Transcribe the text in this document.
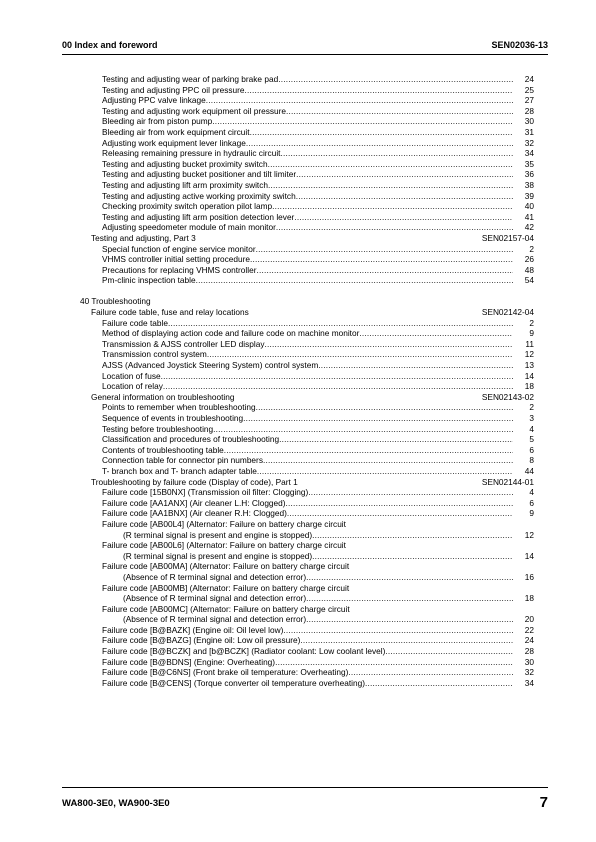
00 Index and foreword	SEN02036-13
Testing and adjusting wear of parking brake pad .....	24
Testing and adjusting PPC oil pressure .....	25
Adjusting PPC valve linkage .....	27
Testing and adjusting work equipment oil pressure .....	28
Bleeding air from piston pump .....	30
Bleeding air from work equipment circuit .....	31
Adjusting work equipment lever linkage .....	32
Releasing remaining pressure in hydraulic circuit .....	34
Testing and adjusting bucket proximity switch .....	35
Testing and adjusting bucket positioner and tilt limiter .....	36
Testing and adjusting lift arm proximity switch .....	38
Testing and adjusting active working proximity switch .....	39
Checking proximity switch operation pilot lamp .....	40
Testing and adjusting lift arm position detection lever .....	41
Adjusting speedometer module of main monitor .....	42
Testing and adjusting, Part 3	SEN02157-04
Special function of engine service monitor .....	2
VHMS controller initial setting procedure .....	26
Precautions for replacing VHMS controller .....	48
Pm-clinic inspection table .....	54
40 Troubleshooting
Failure code table, fuse and relay locations	SEN02142-04
Failure code table .....	2
Method of displaying action code and failure code on machine monitor .....	9
Transmission & AJSS controller LED display .....	11
Transmission control system .....	12
AJSS (Advanced Joystick Steering System) control system .....	13
Location of fuse .....	14
Location of relay .....	18
General information on troubleshooting	SEN02143-02
Points to remember when troubleshooting .....	2
Sequence of events in troubleshooting .....	3
Testing before troubleshooting .....	4
Classification and procedures of troubleshooting .....	5
Contents of troubleshooting table .....	6
Connection table for connector pin numbers .....	8
T- branch box and T- branch adapter table .....	44
Troubleshooting by failure code (Display of code), Part 1	SEN02144-01
Failure code [15B0NX] (Transmission oil filter: Clogging) .....	4
Failure code [AA1ANX] (Air cleaner L.H: Clogged) .....	6
Failure code [AA1BNX] (Air cleaner R.H: Clogged) .....	9
Failure code [AB00L4] (Alternator: Failure on battery charge circuit
(R terminal signal is present and engine is stopped) .....	12
Failure code [AB00L6] (Alternator: Failure on battery charge circuit
(R terminal signal is present and engine is stopped) .....	14
Failure code [AB00MA] (Alternator: Failure on battery charge circuit
(Absence of R terminal signal and detection error) .....	16
Failure code [AB00MB] (Alternator: Failure on battery charge circuit
(Absence of R terminal signal and detection error) .....	18
Failure code [AB00MC] (Alternator: Failure on battery charge circuit
(Absence of R terminal signal and detection error) .....	20
Failure code [B@BAZK] (Engine oil: Oil level low) .....	22
Failure code [B@BAZG] (Engine oil: Low oil pressure) .....	24
Failure code [B@BCZK] and [b@BCZK] (Radiator coolant: Low coolant level) .....	28
Failure code [B@BDNS] (Engine: Overheating) .....	30
Failure code [B@C6NS] (Front brake oil temperature: Overheating) .....	32
Failure code [B@CENS] (Torque converter oil temperature overheating) .....	34
WA800-3E0, WA900-3E0	7
